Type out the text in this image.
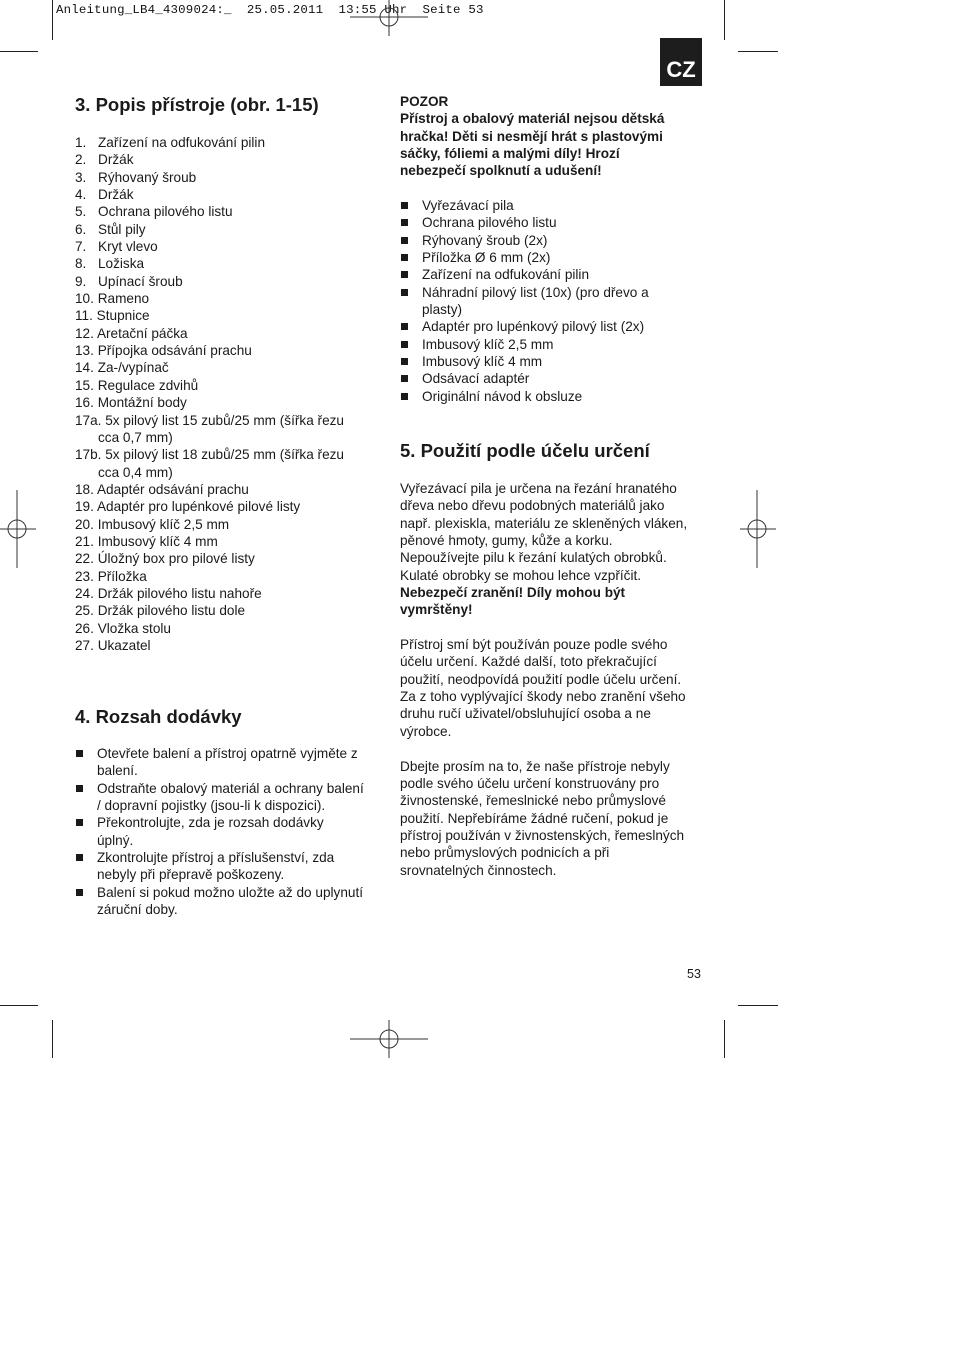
Anleitung_LB4_4309024:_  25.05.2011  13:55 Uhr  Seite 53
CZ
3. Popis přístroje (obr. 1-15)
1. Zařízení na odfukování pilin
2. Držák
3. Rýhovaný šroub
4. Držák
5. Ochrana pilového listu
6. Stůl pily
7. Kryt vlevo
8. Ložiska
9. Upínací šroub
10. Rameno
11. Stupnice
12. Aretační páčka
13. Přípojka odsávání prachu
14. Za-/vypínač
15. Regulace zdvihů
16. Montážní body
17a. 5x pilový list 15 zubů/25 mm (šířka řezu
cca 0,7 mm)
17b. 5x pilový list 18 zubů/25 mm (šířka řezu
cca 0,4 mm)
18. Adaptér odsávání prachu
19. Adaptér pro lupénkové pilové listy
20. Imbusový klíč 2,5 mm
21. Imbusový klíč 4 mm
22. Úložný box pro pilové listy
23. Příložka
24. Držák pilového listu nahoře
25. Držák pilového listu dole
26. Vložka stolu
27. Ukazatel
4. Rozsah dodávky
Otevřete balení a přístroj opatrně vyjměte z
balení.
Odstraňte obalový materiál a ochrany balení
/ dopravní pojistky (jsou-li k dispozici).
Překontrolujte, zda je rozsah dodávky
úplný.
Zkontrolujte přístroj a příslušenství, zda
nebyly při přepravě poškozeny.
Balení si pokud možno uložte až do uplynutí
záruční doby.
POZOR
Přístroj a obalový materiál nejsou dětská
hračka! Děti si nesmějí hrát s plastovými
sáčky, fóliemi a malými díly! Hrozí
nebezpečí spolknutí a udušení!
Vyřezávací pila
Ochrana pilového listu
Rýhovaný šroub (2x)
Příložka Ø 6 mm (2x)
Zařízení na odfukování pilin
Náhradní pilový list (10x) (pro dřevo a
plasty)
Adaptér pro lupénkový pilový list (2x)
Imbusový klíč 2,5 mm
Imbusový klíč 4 mm
Odsávací adaptér
Originální návod k obsluze
5. Použití podle účelu určení
Vyřezávací pila je určena na řezání hranatého
dřeva nebo dřevu podobných materiálů jako
např. plexiskla, materiálu ze skleněných vláken,
pěnové hmoty, gumy, kůže a korku.
Nepoužívejte pilu k řezání kulatých obrobků.
Kulaté obrobky se mohou lehce vzpříčit.
Nebezpečí zranění! Díly mohou být
vymrštěny!
Přístroj smí být používán pouze podle svého
účelu určení. Každé další, toto překračující
použití, neodpovídá použití podle účelu určení.
Za z toho vyplývající škody nebo zranění všeho
druhu ručí uživatel/obsluhující osoba a ne
výrobce.
Dbejte prosím na to, že naše přístroje nebyly
podle svého účelu určení konstruovány pro
živnostenské, řemeslnické nebo průmyslové
použití. Nepřebíráme žádné ručení, pokud je
přístroj používán v živnostenských, řemeslných
nebo průmyslových podnicích a při
srovnatelných činnostech.
53
